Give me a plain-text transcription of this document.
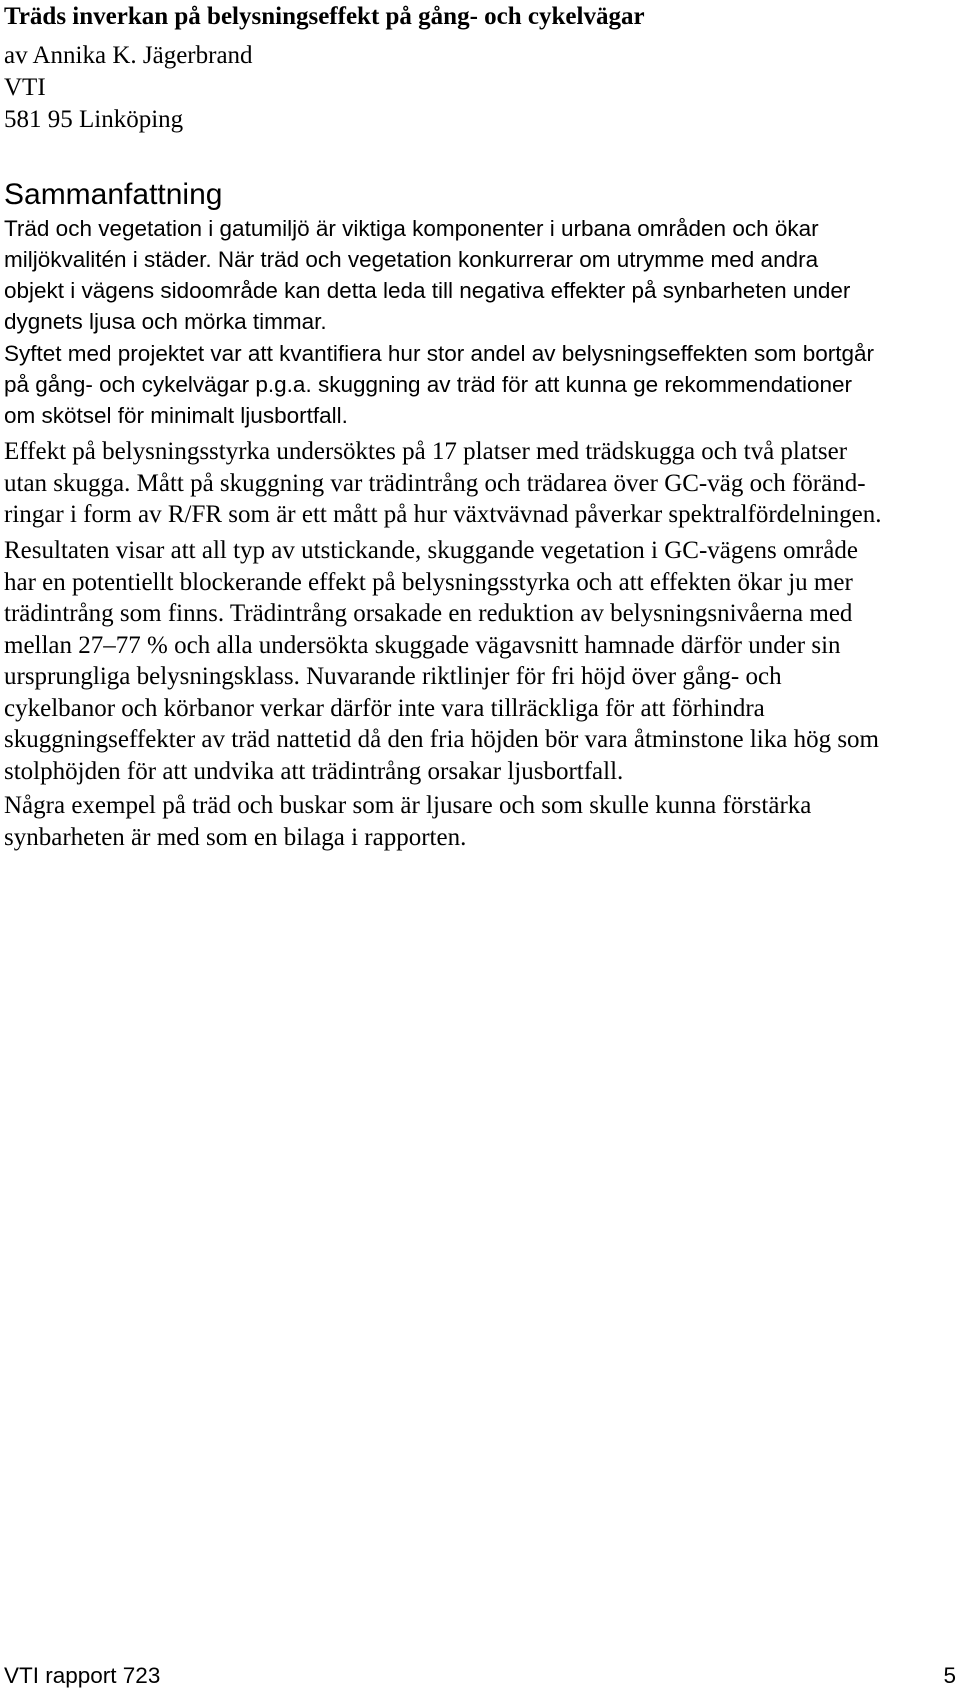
Träds inverkan på belysningseffekt på gång- och cykelvägar
av Annika K. Jägerbrand
VTI
581 95 Linköping
Sammanfattning

Träd och vegetation i gatumiljö är viktiga komponenter i urbana områden och ökar
miljökvalitén i städer. När träd och vegetation konkurrerar om utrymme med andra
objekt i vägens sidoområde kan detta leda till negativa effekter på synbarheten under
dygnets ljusa och mörka timmar.

Syftet med projektet var att kvantifiera hur stor andel av belysningseffekten som bortgår
på gång- och cykelvägar p.g.a. skuggning av träd för att kunna ge rekommendationer
om skötsel för minimalt ljusbortfall.

Effekt på belysningsstyrka undersöktes på 17 platser med trädskugga och två platser
utan skugga. Mått på skuggning var trädintrång och trädarea över GC-väg och föränd-
ringar i form av R/FR som är ett mått på hur växtvävnad påverkar spektralfördelningen.

Resultaten visar att all typ av utstickande, skuggande vegetation i GC-vägens område
har en potentiellt blockerande effekt på belysningsstyrka och att effekten ökar ju mer
trädintrång som finns. Trädintrång orsakade en reduktion av belysningsnivåerna med
mellan 27–77 % och alla undersökta skuggade vägavsnitt hamnade därför under sin
ursprungliga belysningsklass. Nuvarande riktlinjer för fri höjd över gång- och
cykelbanor och körbanor verkar därför inte vara tillräckliga för att förhindra
skuggningseffekter av träd nattetid då den fria höjden bör vara åtminstone lika hög som
stolphöjden för att undvika att trädintrång orsakar ljusbortfall.

Några exempel på träd och buskar som är ljusare och som skulle kunna förstärka
synbarheten är med som en bilaga i rapporten.

VTI rapport 723	5
